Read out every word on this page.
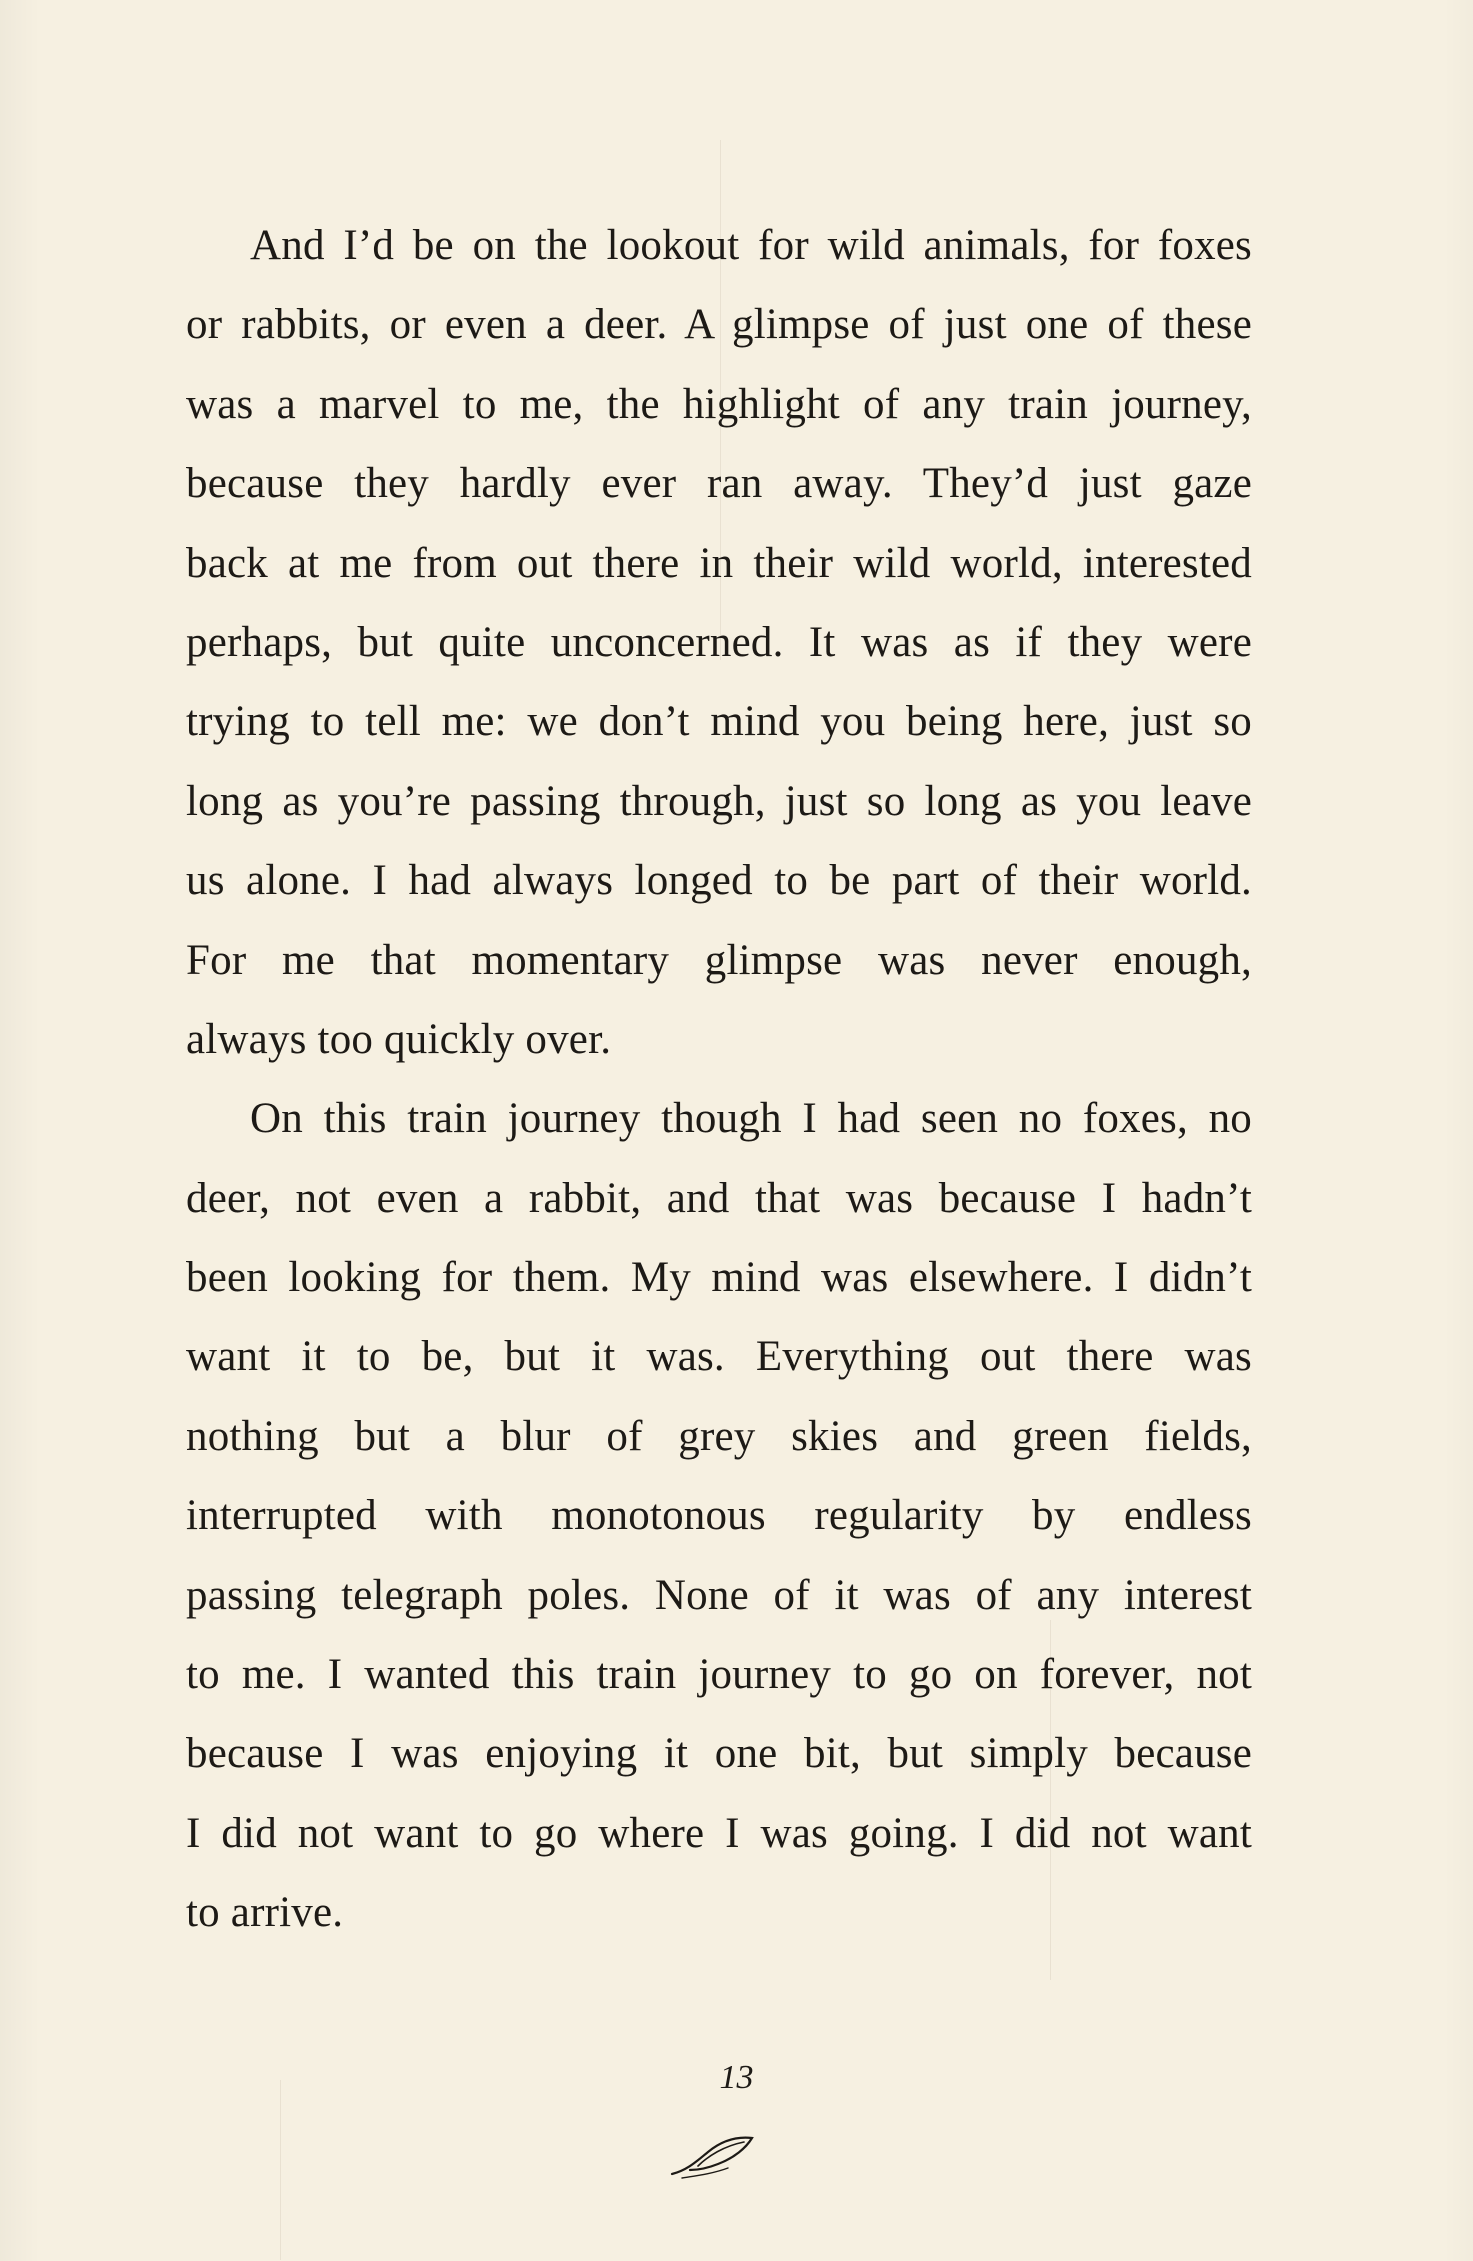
And I’d be on the lookout for wild animals, for foxes
or rabbits, or even a deer. A glimpse of just one of these
was a marvel to me, the highlight of any train journey,
because they hardly ever ran away. They’d just gaze
back at me from out there in their wild world, interested
perhaps, but quite unconcerned. It was as if they were
trying to tell me: we don’t mind you being here, just so
long as you’re passing through, just so long as you leave
us alone. I had always longed to be part of their world.
For me that momentary glimpse was never enough,
always too quickly over.
On this train journey though I had seen no foxes, no
deer, not even a rabbit, and that was because I hadn’t
been looking for them. My mind was elsewhere. I didn’t
want it to be, but it was. Everything out there was
nothing but a blur of grey skies and green fields,
interrupted with monotonous regularity by endless
passing telegraph poles. None of it was of any interest
to me. I wanted this train journey to go on forever, not
because I was enjoying it one bit, but simply because
I did not want to go where I was going. I did not want
to arrive.
13
